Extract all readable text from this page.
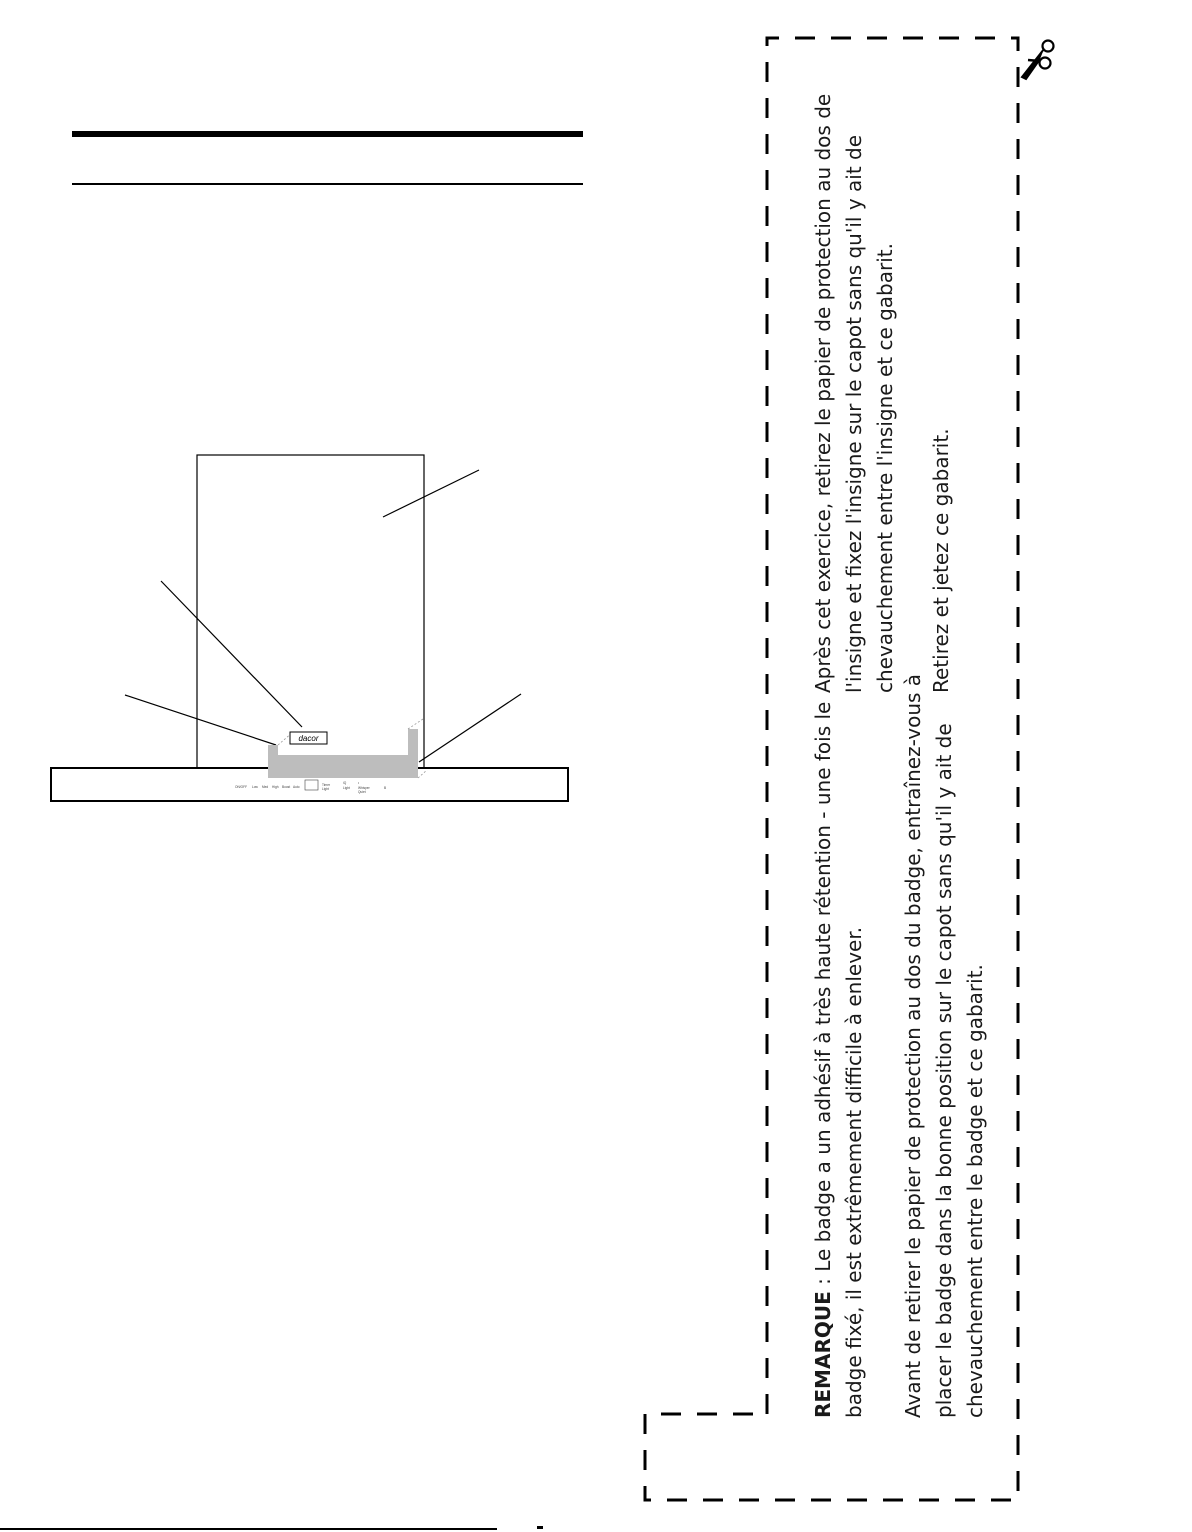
dacor
ON/OFF Low Med High Boost Auto	Timer
Light
iQ
Light
•
Whisper
Quiet
B

REMARQUE : Le badge a un adhésif à très haute rétention - une fois le badge fixé, il est extrêmement difficile à enlever. Avant de retirer le papier de protection au dos du badge, entraînez-vous à placer le badge dans la bonne position sur le capot sans qu'il y ait de chevauchement entre le badge et ce gabarit.

Après cet exercice, retirez le papier de protection au dos de l'insigne et fixez l'insigne sur le capot sans qu'il y ait de chevauchement entre l'insigne et ce gabarit. Retirez et jetez ce gabarit.
